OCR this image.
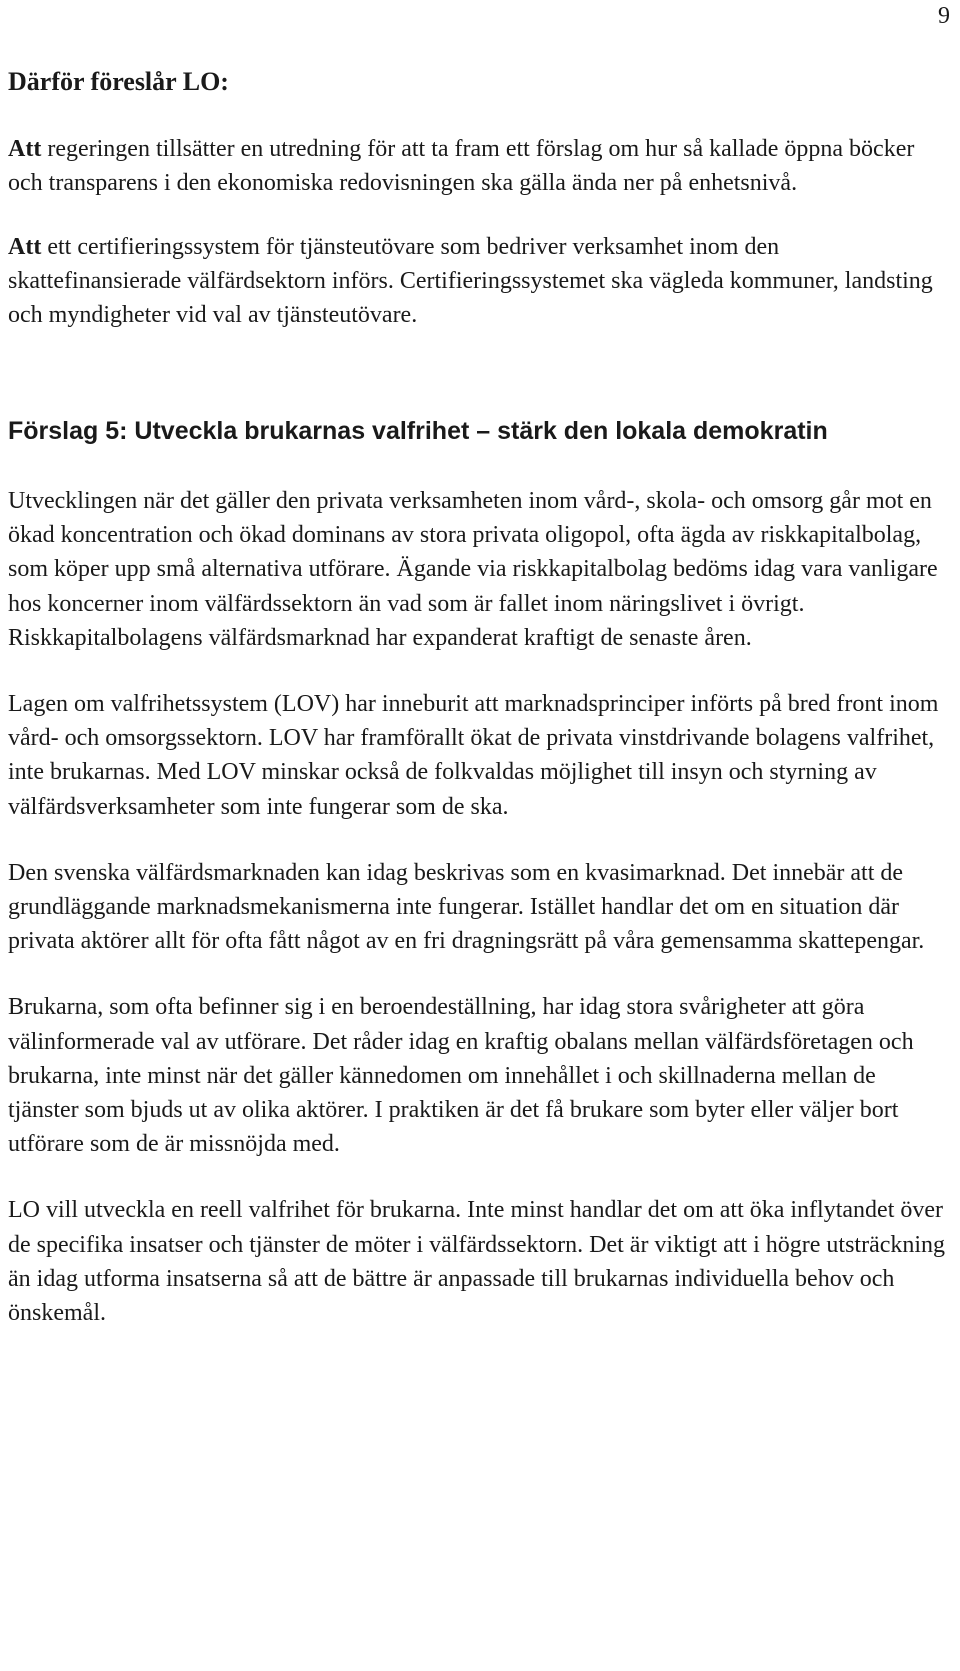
9
Därför föreslår LO:

Att regeringen tillsätter en utredning för att ta fram ett förslag om hur så kallade öppna böcker och transparens i den ekonomiska redovisningen ska gälla ända ner på enhetsnivå.

Att ett certifieringssystem för tjänsteutövare som bedriver verksamhet inom den skattefinansierade välfärdsektorn införs. Certifieringssystemet ska vägleda kommuner, landsting och myndigheter vid val av tjänsteutövare.

Förslag 5: Utveckla brukarnas valfrihet – stärk den lokala demokratin

Utvecklingen när det gäller den privata verksamheten inom vård-, skola- och omsorg går mot en ökad koncentration och ökad dominans av stora privata oligopol, ofta ägda av riskkapitalbolag, som köper upp små alternativa utförare. Ägande via riskkapitalbolag bedöms idag vara vanligare hos koncerner inom välfärdssektorn än vad som är fallet inom näringslivet i övrigt. Riskkapitalbolagens välfärdsmarknad har expanderat kraftigt de senaste åren.

Lagen om valfrihetssystem (LOV) har inneburit att marknadsprinciper införts på bred front inom vård- och omsorgssektorn. LOV har framförallt ökat de privata vinstdrivande bolagens valfrihet, inte brukarnas. Med LOV minskar också de folkvaldas möjlighet till insyn och styrning av välfärdsverksamheter som inte fungerar som de ska.

Den svenska välfärdsmarknaden kan idag beskrivas som en kvasimarknad. Det innebär att de grundläggande marknadsmekanismerna inte fungerar. Istället handlar det om en situation där privata aktörer allt för ofta fått något av en fri dragningsrätt på våra gemensamma skattepengar.

Brukarna, som ofta befinner sig i en beroendeställning, har idag stora svårigheter att göra välinformerade val av utförare. Det råder idag en kraftig obalans mellan välfärdsföretagen och brukarna, inte minst när det gäller kännedomen om innehållet i och skillnaderna mellan de tjänster som bjuds ut av olika aktörer. I praktiken är det få brukare som byter eller väljer bort utförare som de är missnöjda med.

LO vill utveckla en reell valfrihet för brukarna. Inte minst handlar det om att öka inflytandet över de specifika insatser och tjänster de möter i välfärdssektorn. Det är viktigt att i högre utsträckning än idag utforma insatserna så att de bättre är anpassade till brukarnas individuella behov och önskemål.
